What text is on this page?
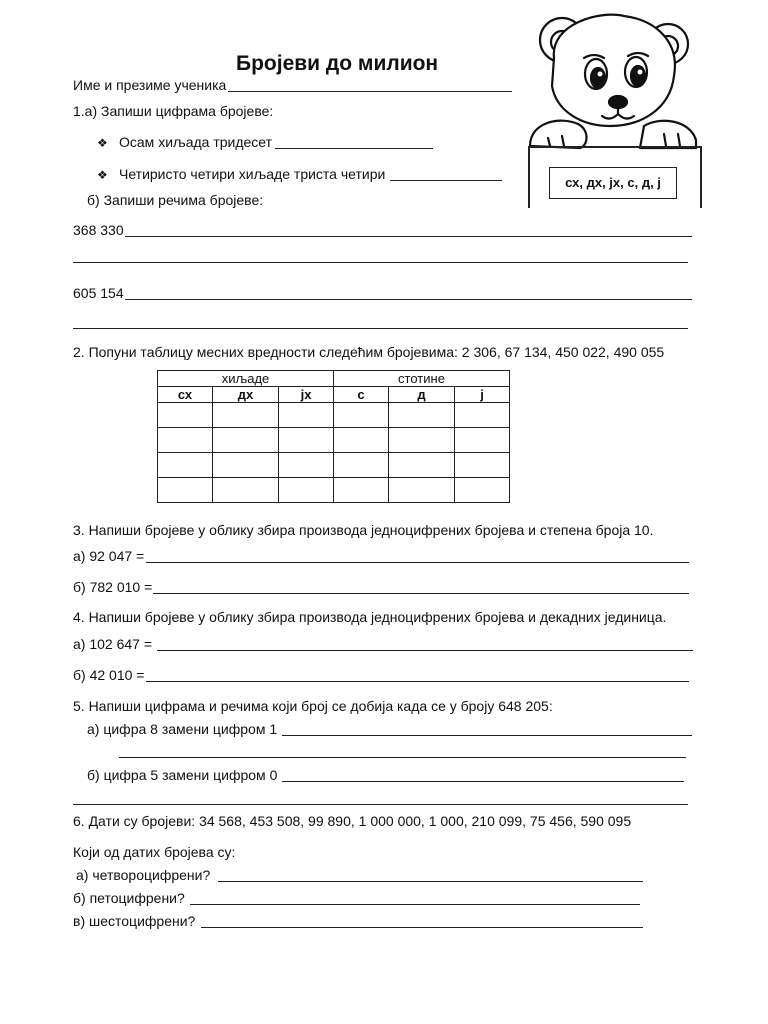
Бројеви до милион
Име и презиме ученика
1.а) Запиши цифрама бројеве:
❖ Осам хиљада тридесет
❖ Четиристо четири хиљаде триста четири
б) Запиши речима бројеве:
368 330
605 154
2. Попуни таблицу месних вредности следећим бројевима: 2 306, 67 134, 450 022, 490 055
хиљаде			стотине		
сх	дх	јх	с	д	ј

3. Напиши бројеве у облику збира производа једноцифрених бројева и степена броја 10.
а) 92 047 =
б) 782 010 =
4. Напиши бројеве у облику збира производа једноцифрених бројева и декадних јединица.
а) 102 647 =
б) 42 010 =
5. Напиши цифрама и речима који број се добија када се у броју 648 205:
а) цифра 8 замени цифром 1
б) цифра 5 замени цифром 0
6. Дати су бројеви: 34 568, 453 508, 99 890, 1 000 000, 1 000, 210 099, 75 456, 590 095
Који од датих бројева су:
а) четвороцифрени?
б) петоцифрени?
в) шестоцифрени?
сх, дх, јх, с, д, ј
